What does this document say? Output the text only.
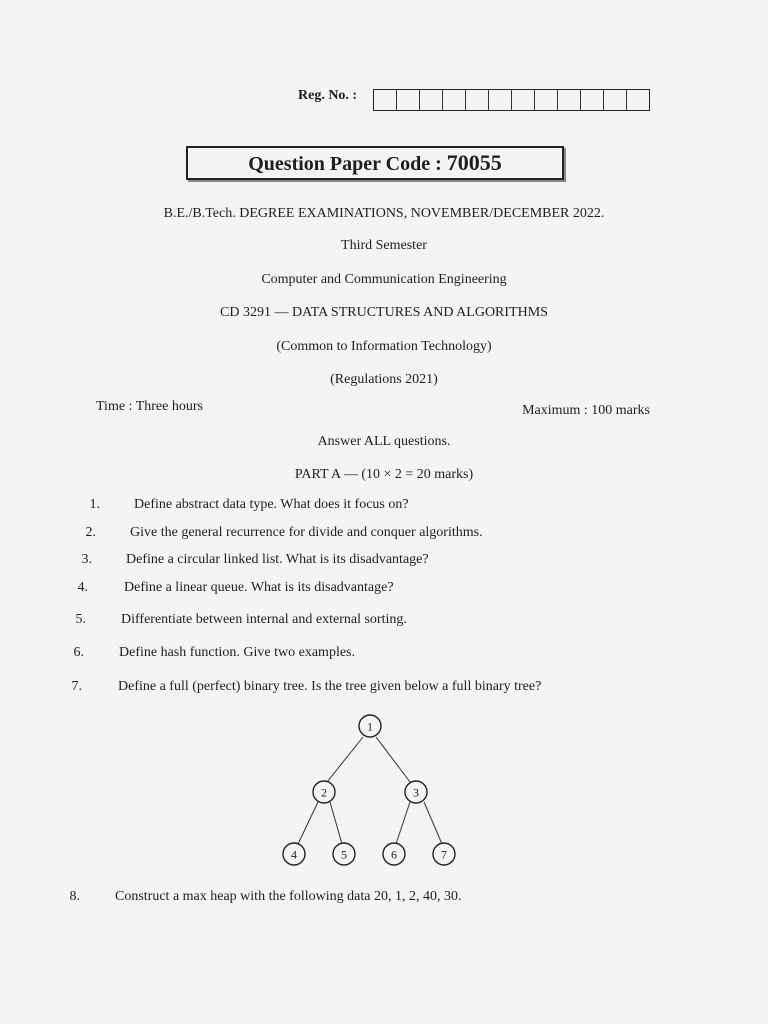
Reg. No. :
Question Paper Code : 70055
B.E./B.Tech. DEGREE EXAMINATIONS, NOVEMBER/DECEMBER 2022.
Third Semester
Computer and Communication Engineering
CD 3291 — DATA STRUCTURES AND ALGORITHMS
(Common to Information Technology)
(Regulations 2021)
Time : Three hours	Maximum : 100 marks
Answer ALL questions.
PART A — (10 × 2 = 20 marks)
1. Define abstract data type. What does it focus on?
2. Give the general recurrence for divide and conquer algorithms.
3. Define a circular linked list. What is its disadvantage?
4.	Define a linear queue. What is its disadvantage?
5.	Differentiate between internal and external sorting.
6.	Define hash function. Give two examples.
7.	Define a full (perfect) binary tree. Is the tree given below a full binary tree?
1
2	3
4	5	6	7
8.	Construct a max heap with the following data 20, 1, 2, 40, 30.
